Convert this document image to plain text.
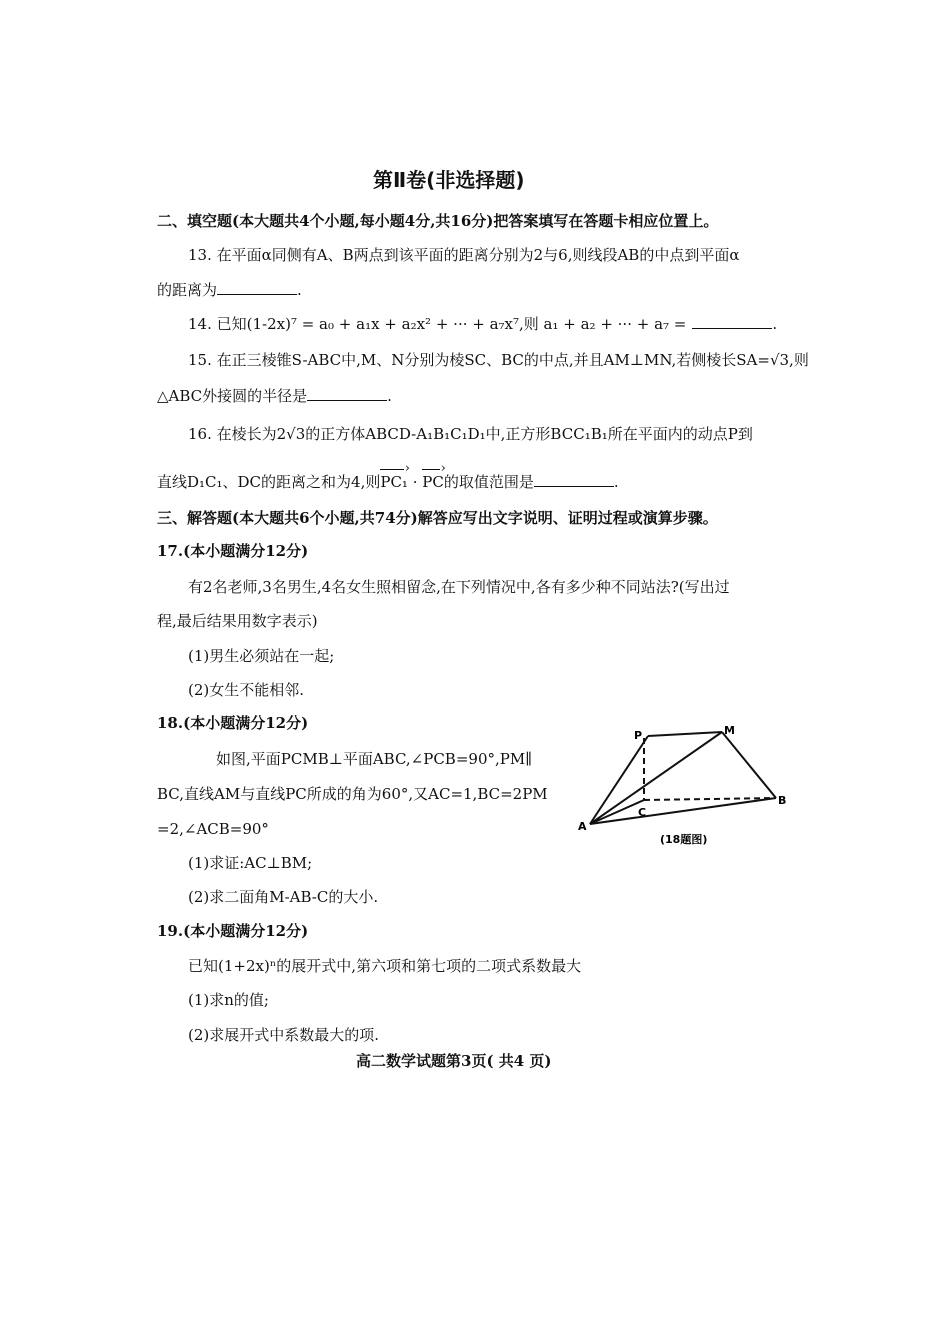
第Ⅱ卷(非选择题)
二、填空题(本大题共4个小题,每小题4分,共16分)把答案填写在答题卡相应位置上。
13. 在平面α同侧有A、B两点到该平面的距离分别为2与6,则线段AB的中点到平面α
的距离为	.
14. 已知(1-2x)⁷ = a₀ + a₁x + a₂x² + ··· + a₇x⁷,则 a₁ + a₂ + ··· + a₇ =	.
15. 在正三棱锥S-ABC中,M、N分别为棱SC、BC的中点,并且AM⊥MN,若侧棱长SA=√3,则
△ABC外接圆的半径是	.
16. 在棱长为2√3的正方体ABCD-A₁B₁C₁D₁中,正方形BCC₁B₁所在平面内的动点P到
直线D₁C₁、DC的距离之和为4,则PC₁ › · PC ›的取值范围是	.
三、解答题(本大题共6个小题,共74分)解答应写出文字说明、证明过程或演算步骤。
17.(本小题满分12分)
有2名老师,3名男生,4名女生照相留念,在下列情况中,各有多少种不同站法?(写出过
程,最后结果用数字表示)
(1)男生必须站在一起;
(2)女生不能相邻.
18.(本小题满分12分)
如图,平面PCMB⊥平面ABC,∠PCB=90°,PM∥
BC,直线AM与直线PC所成的角为60°,又AC=1,BC=2PM
=2,∠ACB=90°
(1)求证:AC⊥BM;
(2)求二面角M-AB-C的大小.
P	M
A
B
C
(18题图)
19.(本小题满分12分)
已知(1+2x)ⁿ的展开式中,第六项和第七项的二项式系数最大
(1)求n的值;
(2)求展开式中系数最大的项.
高二数学试题第3页( 共4 页)
